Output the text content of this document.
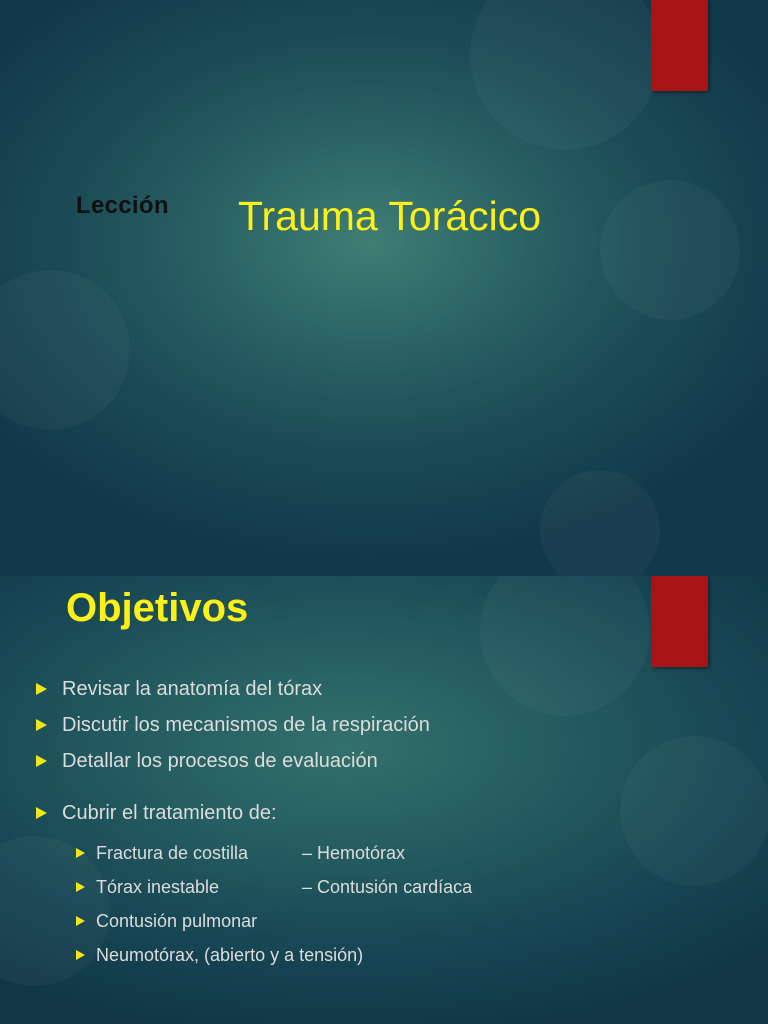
Lección Trauma Torácico
Objetivos
Revisar la anatomía del tórax
Discutir los mecanismos de la respiración
Detallar los procesos de evaluación
Cubrir el tratamiento de:
Fractura de costilla	– Hemotórax
Tórax inestable	– Contusión cardíaca
Contusión pulmonar
Neumotórax, (abierto y a tensión)
